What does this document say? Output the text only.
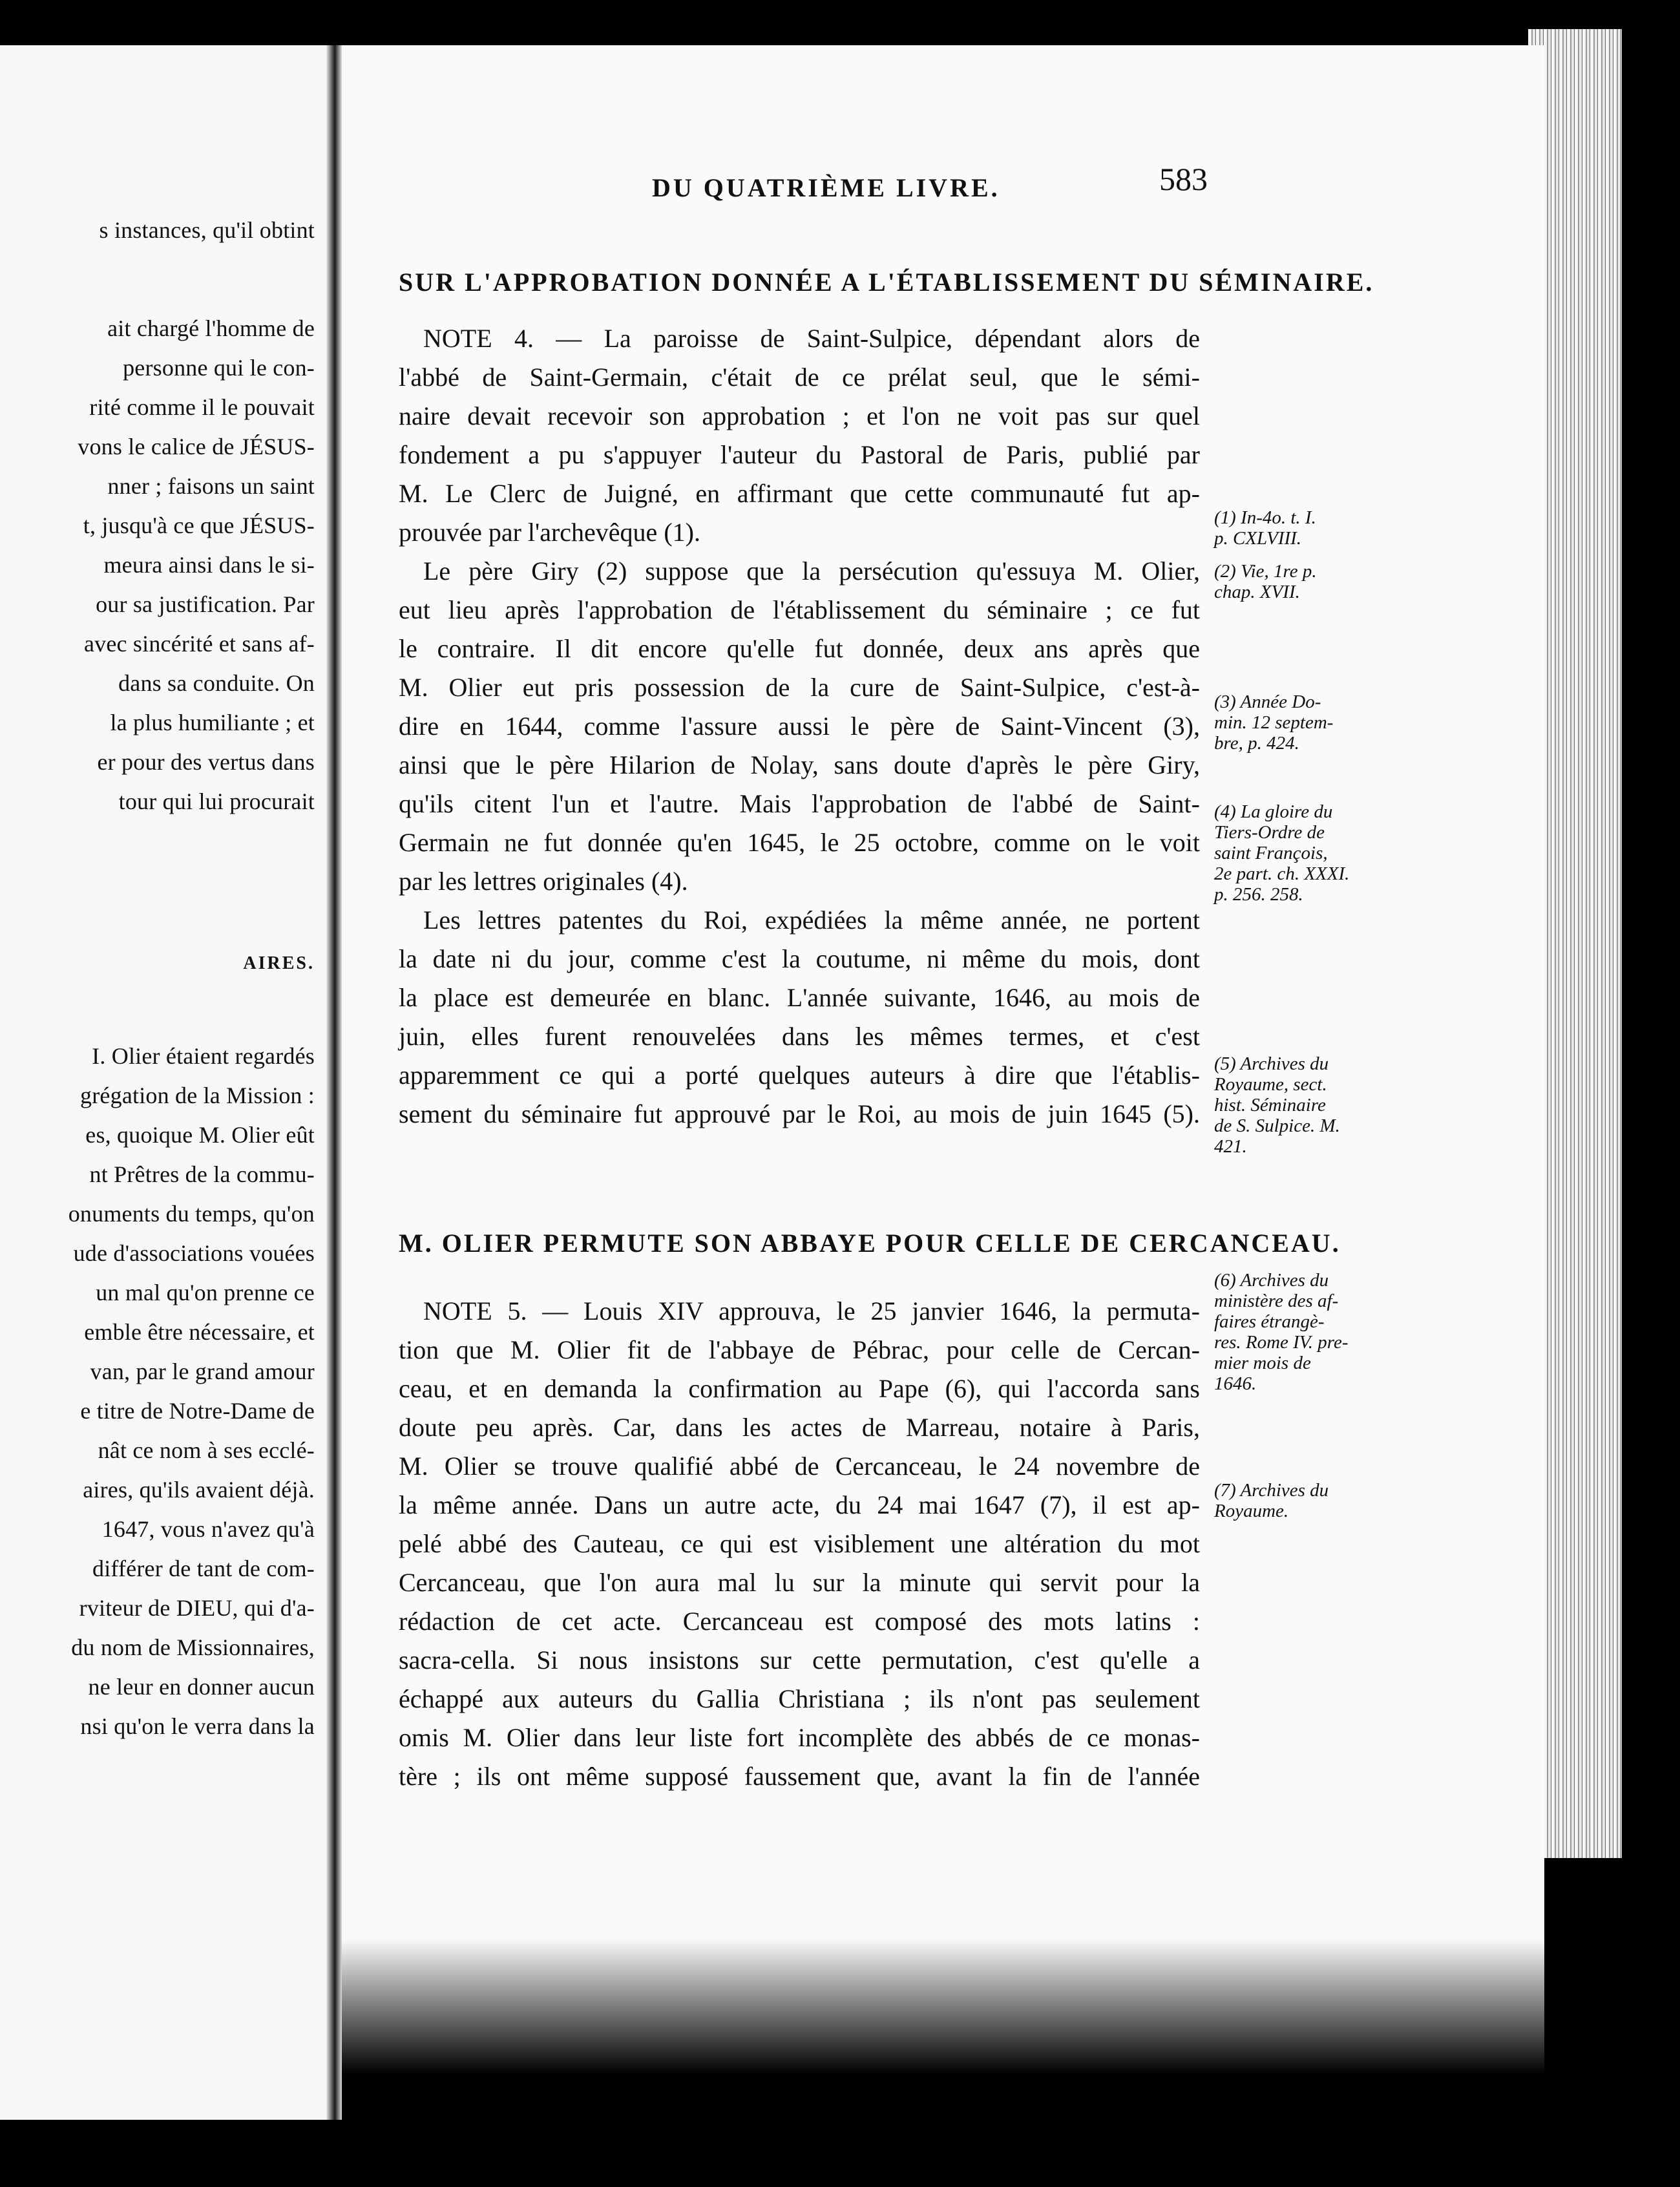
s instances, qu'il obtint
ait chargé l'homme de
personne qui le con-
rité comme il le pouvait
vons le calice de JÉSUS-
nner ; faisons un saint
t, jusqu'à ce que JÉSUS-
meura ainsi dans le si-
our sa justification. Par
avec sincérité et sans af-
dans sa conduite. On
la plus humiliante ; et
er pour des vertus dans
tour qui lui procurait
AIRES.
I. Olier étaient regardés
grégation de la Mission :
es, quoique M. Olier eût
nt Prêtres de la commu-
onuments du temps, qu'on
ude d'associations vouées
un mal qu'on prenne ce
emble être nécessaire, et
van, par le grand amour
e titre de Notre-Dame de
nât ce nom à ses ecclé-
aires, qu'ils avaient déjà.
1647, vous n'avez qu'à
différer de tant de com-
rviteur de DIEU, qui d'a-
du nom de Missionnaires,
ne leur en donner aucun
nsi qu'on le verra dans la
DU QUATRIÈME LIVRE.	583
SUR L'APPROBATION DONNÉE A L'ÉTABLISSEMENT DU SÉMINAIRE.
NOTE 4. — La paroisse de Saint-Sulpice, dépendant alors de
l'abbé de Saint-Germain, c'était de ce prélat seul, que le sémi-
naire devait recevoir son approbation ; et l'on ne voit pas sur quel
fondement a pu s'appuyer l'auteur du Pastoral de Paris, publié par
M. Le Clerc de Juigné, en affirmant que cette communauté fut ap-
prouvée par l'archevêque (1).
Le père Giry (2) suppose que la persécution qu'essuya M. Olier,
eut lieu après l'approbation de l'établissement du séminaire ; ce fut
le contraire. Il dit encore qu'elle fut donnée, deux ans après que
M. Olier eut pris possession de la cure de Saint-Sulpice, c'est-à-
dire en 1644, comme l'assure aussi le père de Saint-Vincent (3),
ainsi que le père Hilarion de Nolay, sans doute d'après le père Giry,
qu'ils citent l'un et l'autre. Mais l'approbation de l'abbé de Saint-
Germain ne fut donnée qu'en 1645, le 25 octobre, comme on le voit
par les lettres originales (4).
Les lettres patentes du Roi, expédiées la même année, ne portent
la date ni du jour, comme c'est la coutume, ni même du mois, dont
la place est demeurée en blanc. L'année suivante, 1646, au mois de
juin, elles furent renouvelées dans les mêmes termes, et c'est
apparemment ce qui a porté quelques auteurs à dire que l'établis-
sement du séminaire fut approuvé par le Roi, au mois de juin 1645 (5).
M. OLIER PERMUTE SON ABBAYE POUR CELLE DE CERCANCEAU.
NOTE 5. — Louis XIV approuva, le 25 janvier 1646, la permuta-
tion que M. Olier fit de l'abbaye de Pébrac, pour celle de Cercan-
ceau, et en demanda la confirmation au Pape (6), qui l'accorda sans
doute peu après. Car, dans les actes de Marreau, notaire à Paris,
M. Olier se trouve qualifié abbé de Cercanceau, le 24 novembre de
la même année. Dans un autre acte, du 24 mai 1647 (7), il est ap-
pelé abbé des Cauteau, ce qui est visiblement une altération du mot
Cercanceau, que l'on aura mal lu sur la minute qui servit pour la
rédaction de cet acte. Cercanceau est composé des mots latins :
sacra-cella. Si nous insistons sur cette permutation, c'est qu'elle a
échappé aux auteurs du Gallia Christiana ; ils n'ont pas seulement
omis M. Olier dans leur liste fort incomplète des abbés de ce monas-
tère ; ils ont même supposé faussement que, avant la fin de l'année
(1) In-4o. t. I.
p. CXLVIII.
(2) Vie, 1re p.
chap. XVII.
(3) Année Do-
min. 12 septem-
bre, p. 424.
(4) La gloire du
Tiers-Ordre de
saint François,
2e part. ch. XXXI.
p. 256. 258.
(5) Archives du
Royaume, sect.
hist. Séminaire
de S. Sulpice. M.
421.
(6) Archives du
ministère des af-
faires étrangè-
res. Rome IV. pre-
mier mois de
1646.
(7) Archives du
Royaume.
